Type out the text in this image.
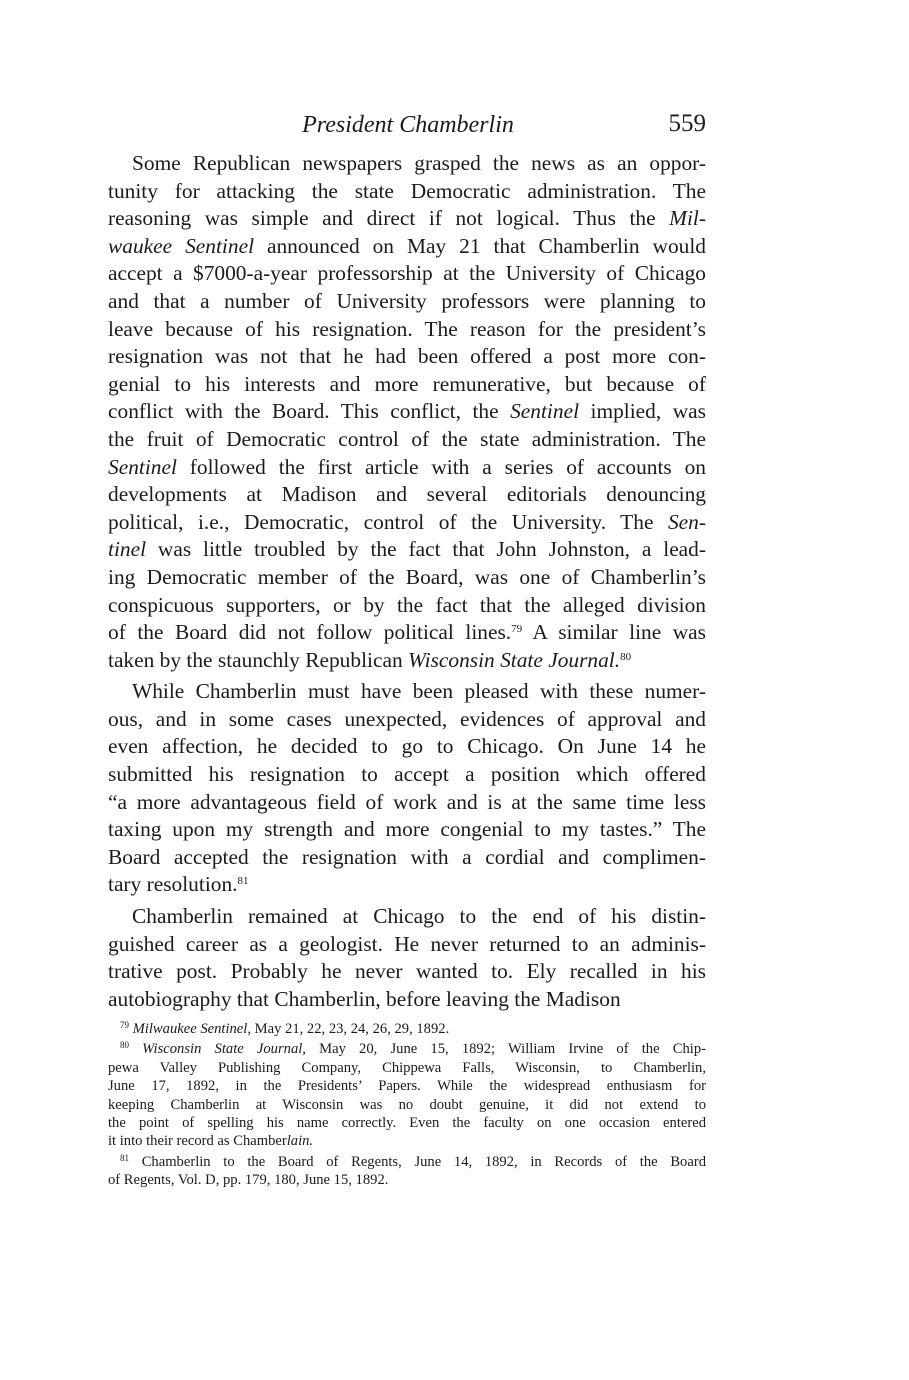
President Chamberlin	559
Some Republican newspapers grasped the news as an oppor-
tunity for attacking the state Democratic administration. The
reasoning was simple and direct if not logical. Thus the Mil-
waukee Sentinel announced on May 21 that Chamberlin would
accept a $7000-a-year professorship at the University of Chicago
and that a number of University professors were planning to
leave because of his resignation. The reason for the president’s
resignation was not that he had been offered a post more con-
genial to his interests and more remunerative, but because of
conflict with the Board. This conflict, the Sentinel implied, was
the fruit of Democratic control of the state administration. The
Sentinel followed the first article with a series of accounts on
developments at Madison and several editorials denouncing
political, i.e., Democratic, control of the University. The Sen-
tinel was little troubled by the fact that John Johnston, a lead-
ing Democratic member of the Board, was one of Chamberlin’s
conspicuous supporters, or by the fact that the alleged division
of the Board did not follow political lines.$^{79}$ A similar line was
taken by the staunchly Republican Wisconsin State Journal.$^{80}$
While Chamberlin must have been pleased with these numer-
ous, and in some cases unexpected, evidences of approval and
even affection, he decided to go to Chicago. On June 14 he
submitted his resignation to accept a position which offered
“a more advantageous field of work and is at the same time less
taxing upon my strength and more congenial to my tastes.” The
Board accepted the resignation with a cordial and complimen-
tary resolution.$^{81}$
Chamberlin remained at Chicago to the end of his distin-
guished career as a geologist. He never returned to an adminis-
trative post. Probably he never wanted to. Ely recalled in his
autobiography that Chamberlin, before leaving the Madison
$^{79}$ Milwaukee Sentinel, May 21, 22, 23, 24, 26, 29, 1892.
$^{80}$ Wisconsin State Journal, May 20, June 15, 1892; William Irvine of the Chip-
pewa Valley Publishing Company, Chippewa Falls, Wisconsin, to Chamberlin,
June 17, 1892, in the Presidents’ Papers. While the widespread enthusiasm for
keeping Chamberlin at Wisconsin was no doubt genuine, it did not extend to
the point of spelling his name correctly. Even the faculty on one occasion entered
it into their record as Chamberlain.
$^{81}$ Chamberlin to the Board of Regents, June 14, 1892, in Records of the Board
of Regents, Vol. D, pp. 179, 180, June 15, 1892.
